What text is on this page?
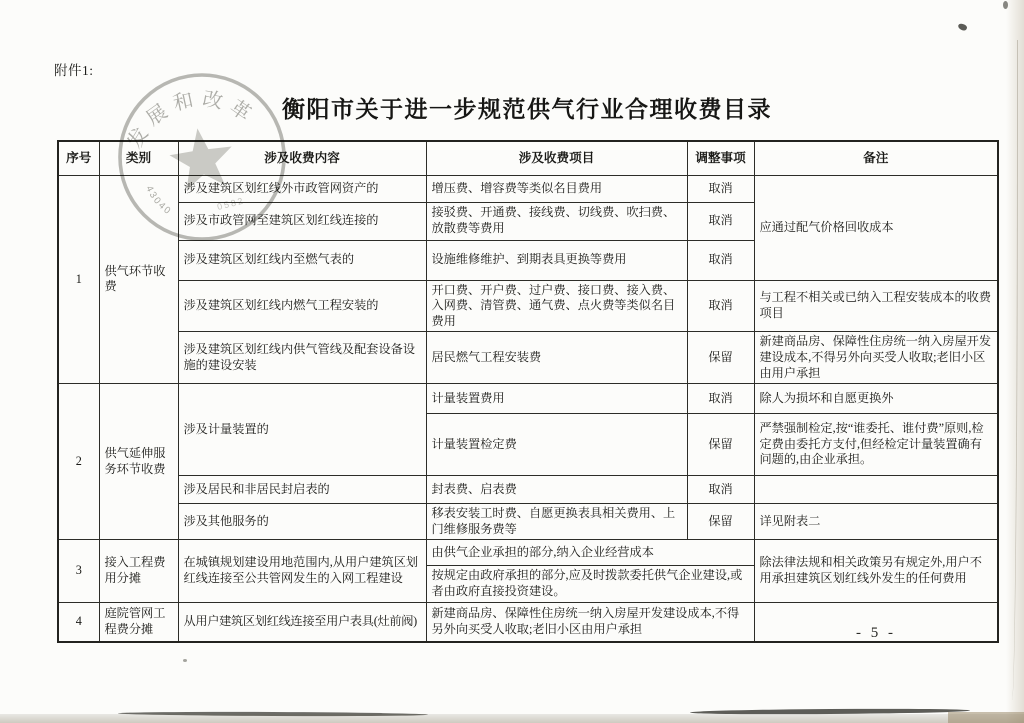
附件1:
衡阳市关于进一步规范供气行业合理收费目录
序号	类别	涉及收费内容	涉及收费项目	调整事项	备注
1	供气环节收费	涉及建筑区划红线外市政管网资产的	增压费、增容费等类似名目费用	取消	应通过配气价格回收成本
		涉及市政管网至建筑区划红线连接的	接驳费、开通费、接线费、切线费、吹扫费、放散费等费用	取消	
		涉及建筑区划红线内至燃气表的	设施维修维护、到期表具更换等费用	取消	
		涉及建筑区划红线内燃气工程安装的	开口费、开户费、过户费、接口费、接入费、入网费、清管费、通气费、点火费等类似名目费用	取消	与工程不相关或已纳入工程安装成本的收费项目
		涉及建筑区划红线内供气管线及配套设备设施的建设安装	居民燃气工程安装费	保留	新建商品房、保障性住房统一纳入房屋开发建设成本,不得另外向买受人收取;老旧小区由用户承担
2	供气延伸服务环节收费	涉及计量装置的	计量装置费用	取消	除人为损坏和自愿更换外
			计量装置检定费	保留	严禁强制检定,按“谁委托、谁付费”原则,检定费由委托方支付,但经检定计量装置确有问题的,由企业承担。
		涉及居民和非居民封启表的	封表费、启表费	取消	
		涉及其他服务的	移表安装工时费、自愿更换表具相关费用、上门维修服务费等	保留	详见附表二
3	接入工程费用分摊	在城镇规划建设用地范围内,从用户建筑区划红线连接至公共管网发生的入网工程建设	由供气企业承担的部分,纳入企业经营成本		除法律法规和相关政策另有规定外,用户不用承担建筑区划红线外发生的任何费用
			按规定由政府承担的部分,应及时拨款委托供气企业建设,或者由政府直接投资建设。		
4	庭院管网工程费分摊	从用户建筑区划红线连接至用户表具(灶前阀)	新建商品房、保障性住房统一纳入房屋开发建设成本,不得另外向买受人收取;老旧小区由用户承担			- 5 -
发展和改革
43040	0582
